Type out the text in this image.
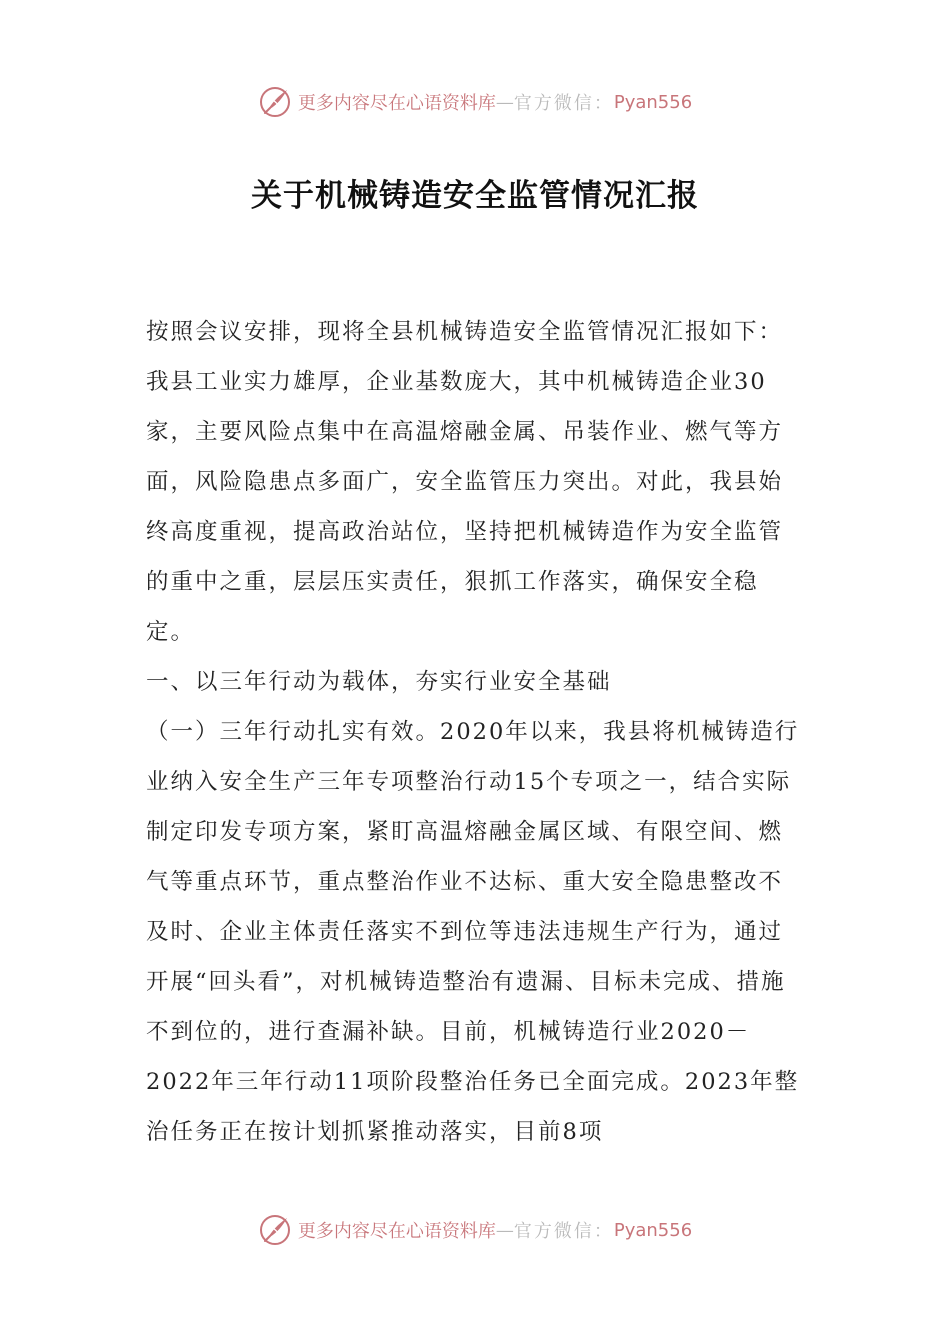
更多内容尽在心语资料库 — 官方微信： Pyan556
关于机械铸造安全监管情况汇报

按照会议安排，现将全县机械铸造安全监管情况汇报如下：

我县工业实力雄厚，企业基数庞大，其中机械铸造企业30家，主要风险点集中在高温熔融金属、吊装作业、燃气等方面，风险隐患点多面广，安全监管压力突出。对此，我县始终高度重视，提高政治站位，坚持把机械铸造作为安全监管的重中之重，层层压实责任，狠抓工作落实，确保安全稳定。

一、以三年行动为载体，夯实行业安全基础

（一）三年行动扎实有效。2020年以来，我县将机械铸造行业纳入安全生产三年专项整治行动15个专项之一，结合实际制定印发专项方案，紧盯高温熔融金属区域、有限空间、燃气等重点环节，重点整治作业不达标、重大安全隐患整改不及时、企业主体责任落实不到位等违法违规生产行为，通过开展“回头看”，对机械铸造整治有遗漏、目标未完成、措施不到位的，进行查漏补缺。目前，机械铸造行业2020－2022年三年行动11项阶段整治任务已全面完成。2023年整治任务正在按计划抓紧推动落实，目前8项

更多内容尽在心语资料库 — 官方微信： Pyan556
